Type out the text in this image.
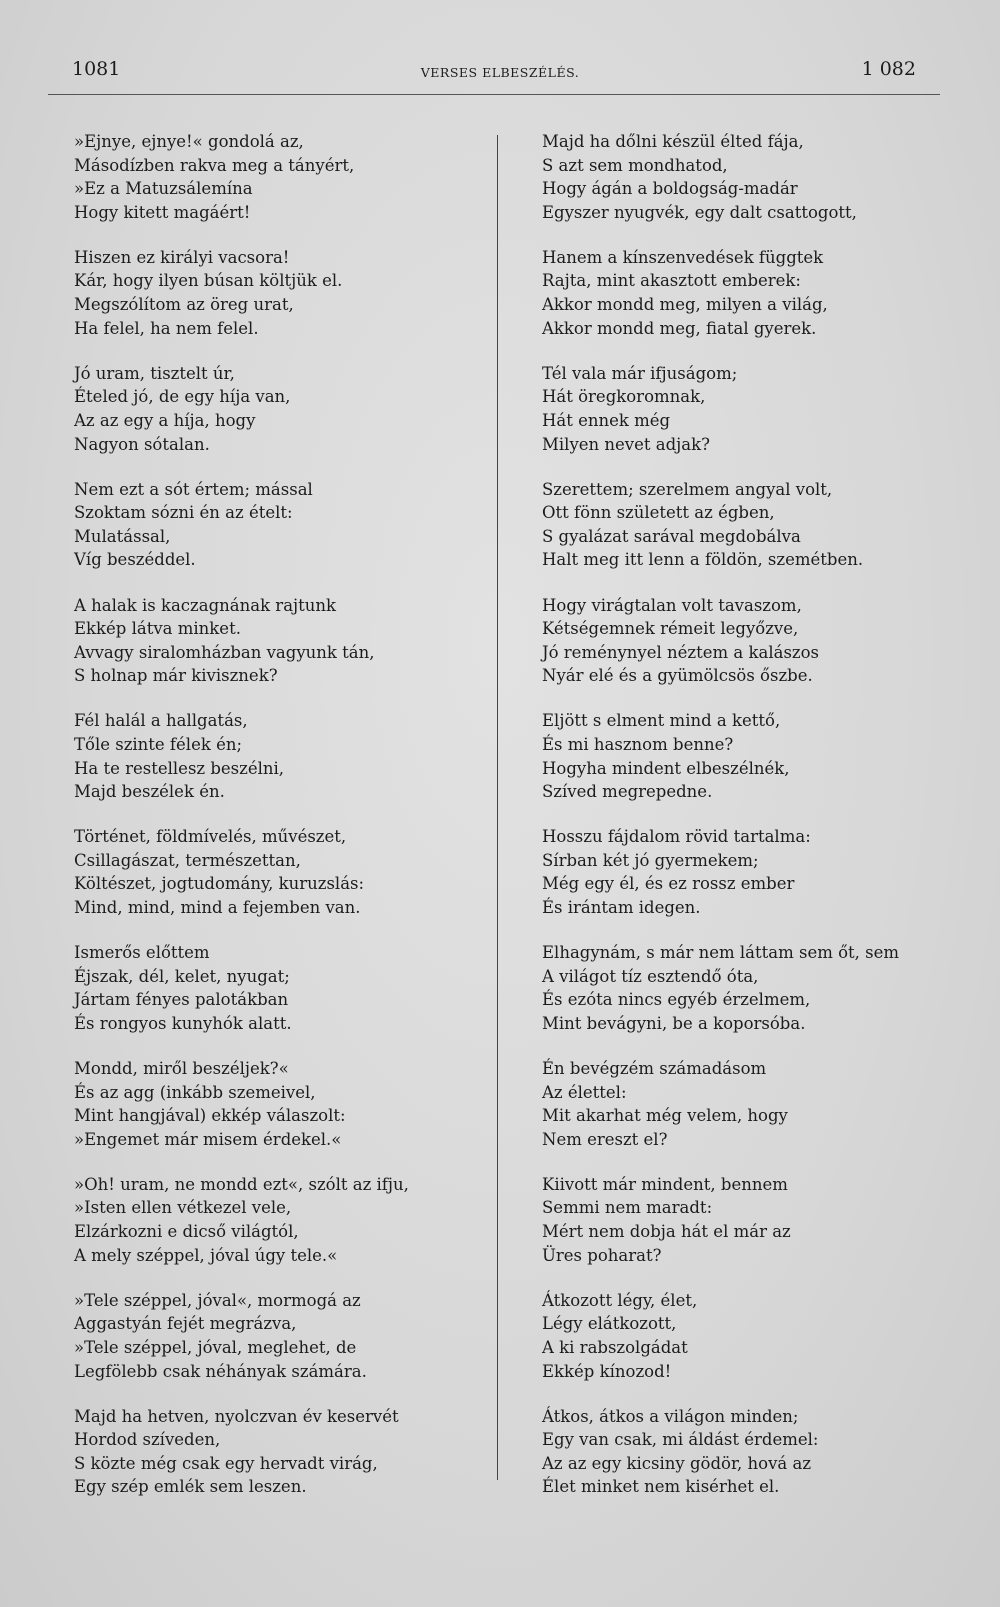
1081	VERSES ELBESZÉLÉS.	1 082
»Ejnye, ejnye!« gondolá az,
Másodízben rakva meg a tányért,
»Ez a Matuzsálemína
Hogy kitett magáért!
Hiszen ez királyi vacsora!
Kár, hogy ilyen búsan költjük el.
Megszólítom az öreg urat,
Ha felel, ha nem felel.
Jó uram, tisztelt úr,
Ételed jó, de egy híja van,
Az az egy a híja, hogy
Nagyon sótalan.
Nem ezt a sót értem; mással
Szoktam sózni én az ételt:
Mulatással,
Víg beszéddel.
A halak is kaczagnának rajtunk
Ekkép látva minket.
Avvagy siralomházban vagyunk tán,
S holnap már kivisznek?
Fél halál a hallgatás,
Tőle szinte félek én;
Ha te restellesz beszélni,
Majd beszélek én.
Történet, földmívelés, művészet,
Csillagászat, természettan,
Költészet, jogtudomány, kuruzslás:
Mind, mind, mind a fejemben van.
Ismerős előttem
Éjszak, dél, kelet, nyugat;
Jártam fényes palotákban
És rongyos kunyhók alatt.
Mondd, miről beszéljek?«
És az agg (inkább szemeivel,
Mint hangjával) ekkép válaszolt:
»Engemet már misem érdekel.«
»Oh! uram, ne mondd ezt«, szólt az ifju,
»Isten ellen vétkezel vele,
Elzárkozni e dicső világtól,
A mely széppel, jóval úgy tele.«
»Tele széppel, jóval«, mormogá az
Aggastyán fejét megrázva,
»Tele széppel, jóval, meglehet, de
Legfölebb csak néhányak számára.
Majd ha hetven, nyolczvan év keservét
Hordod szíveden,
S közte még csak egy hervadt virág,
Egy szép emlék sem leszen.
Majd ha dőlni készül élted fája,
S azt sem mondhatod,
Hogy ágán a boldogság-madár
Egyszer nyugvék, egy dalt csattogott,
Hanem a kínszenvedések függtek
Rajta, mint akasztott emberek:
Akkor mondd meg, milyen a világ,
Akkor mondd meg, fiatal gyerek.
Tél vala már ifjuságom;
Hát öregkoromnak,
Hát ennek még
Milyen nevet adjak?
Szerettem; szerelmem angyal volt,
Ott fönn született az égben,
S gyalázat sarával megdobálva
Halt meg itt lenn a földön, szemétben.
Hogy virágtalan volt tavaszom,
Kétségemnek rémeit legyőzve,
Jó reménynyel néztem a kalászos
Nyár elé és a gyümölcsös őszbe.
Eljött s elment mind a kettő,
És mi hasznom benne?
Hogyha mindent elbeszélnék,
Szíved megrepedne.
Hosszu fájdalom rövid tartalma:
Sírban két jó gyermekem;
Még egy él, és ez rossz ember
És irántam idegen.
Elhagynám, s már nem láttam sem őt, sem
A világot tíz esztendő óta,
És ezóta nincs egyéb érzelmem,
Mint bevágyni, be a koporsóba.
Én bevégzém számadásom
Az élettel:
Mit akarhat még velem, hogy
Nem ereszt el?
Kiivott már mindent, bennem
Semmi nem maradt:
Mért nem dobja hát el már az
Üres poharat?
Átkozott légy, élet,
Légy elátkozott,
A ki rabszolgádat
Ekkép kínozod!
Átkos, átkos a világon minden;
Egy van csak, mi áldást érdemel:
Az az egy kicsiny gödör, hová az
Élet minket nem kisérhet el.
